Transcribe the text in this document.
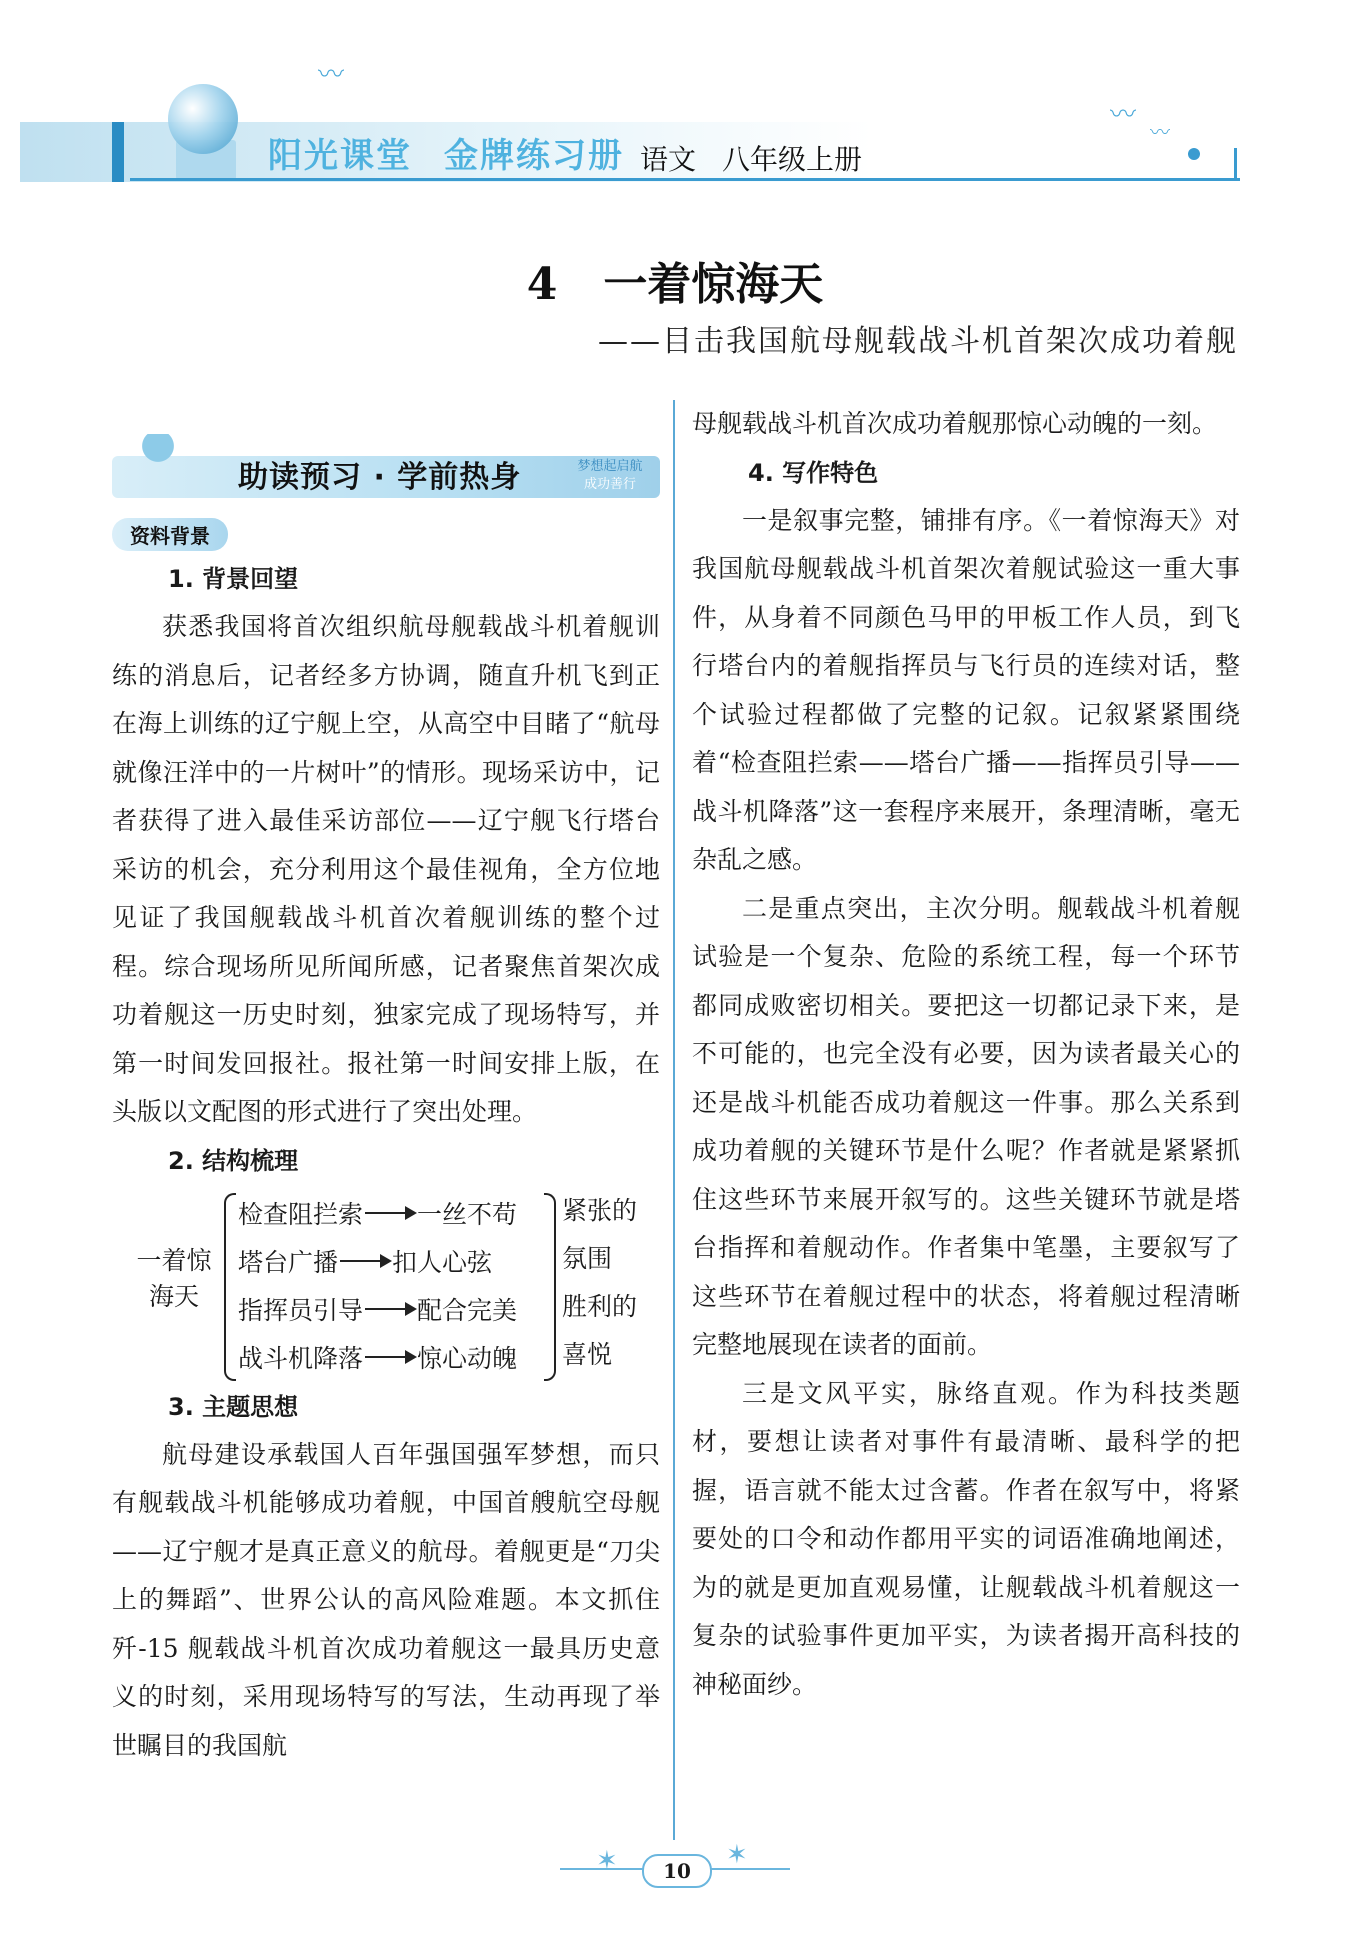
阳光课堂 金牌练习册 语文 八年级上册
〰
〰
〰
4 一着惊海天
——目击我国航母舰载战斗机首架次成功着舰
助读预习 · 学前热身	梦想起启航
成功善行
资料背景
1. 背景回望

获悉我国将首次组织航母舰载战斗机着舰训练的消息后，记者经多方协调，随直升机飞到正在海上训练的辽宁舰上空，从高空中目睹了“航母就像汪洋中的一片树叶”的情形。现场采访中，记者获得了进入最佳采访部位——辽宁舰飞行塔台采访的机会，充分利用这个最佳视角，全方位地见证了我国舰载战斗机首次着舰训练的整个过程。综合现场所见所闻所感，记者聚焦首架次成功着舰这一历史时刻，独家完成了现场特写，并第一时间发回报社。报社第一时间安排上版，在头版以文配图的形式进行了突出处理。

2. 结构梳理
一着惊
海天
检查阻拦索 一丝不苟
塔台广播 扣人心弦
指挥员引导 配合完美
战斗机降落 惊心动魄
紧张的
氛围
胜利的
喜悦
3. 主题思想

航母建设承载国人百年强国强军梦想，而只有舰载战斗机能够成功着舰，中国首艘航空母舰——辽宁舰才是真正意义的航母。着舰更是“刀尖上的舞蹈”、世界公认的高风险难题。本文抓住歼-15 舰载战斗机首次成功着舰这一最具历史意义的时刻，采用现场特写的写法，生动再现了举世瞩目的我国航

母舰载战斗机首次成功着舰那惊心动魄的一刻。

4. 写作特色

一是叙事完整，铺排有序。《一着惊海天》对我国航母舰载战斗机首架次着舰试验这一重大事件，从身着不同颜色马甲的甲板工作人员，到飞行塔台内的着舰指挥员与飞行员的连续对话，整个试验过程都做了完整的记叙。记叙紧紧围绕着“检查阻拦索——塔台广播——指挥员引导——战斗机降落”这一套程序来展开，条理清晰，毫无杂乱之感。

二是重点突出，主次分明。舰载战斗机着舰试验是一个复杂、危险的系统工程，每一个环节都同成败密切相关。要把这一切都记录下来，是不可能的，也完全没有必要，因为读者最关心的还是战斗机能否成功着舰这一件事。那么关系到成功着舰的关键环节是什么呢？作者就是紧紧抓住这些环节来展开叙写的。这些关键环节就是塔台指挥和着舰动作。作者集中笔墨，主要叙写了这些环节在着舰过程中的状态，将着舰过程清晰完整地展现在读者的面前。

三是文风平实，脉络直观。作为科技类题材，要想让读者对事件有最清晰、最科学的把握，语言就不能太过含蓄。作者在叙写中，将紧要处的口令和动作都用平实的词语准确地阐述，为的就是更加直观易懂，让舰载战斗机着舰这一复杂的试验事件更加平实，为读者揭开高科技的神秘面纱。

✶	✶
10
